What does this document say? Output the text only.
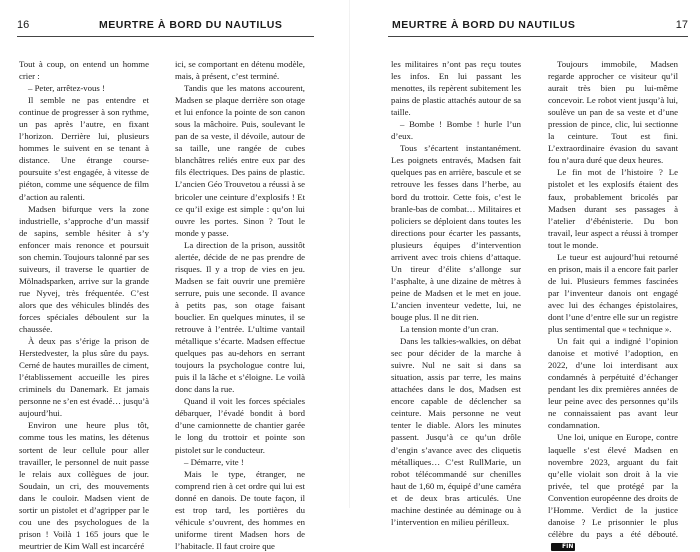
16	MEURTRE À BORD DU NAUTILUS

Tout à coup, on entend un homme crier :

– Peter, arrêtez-vous !

Il semble ne pas entendre et continue de progresser à son rythme, un pas après l’autre, en fixant l’horizon. Derrière lui, plusieurs hommes le suivent en se tenant à distance. Une étrange course-poursuite s’est engagée, à vitesse de piéton, comme une séquence de film d’action au ralenti.

Madsen bifurque vers la zone industrielle, s’approche d’un massif de sapins, semble hésiter à s’y enfoncer mais renonce et poursuit son chemin. Toujours talonné par ses suiveurs, il traverse le quartier de Mölnadsparken, arrive sur la grande rue Nyvej, très fréquentée. C’est alors que des véhicules blindés des forces spéciales déboulent sur la chaussée.

À deux pas s’érige la prison de Herstedvester, la plus sûre du pays. Cerné de hautes murailles de ciment, l’établissement accueille les pires criminels du Danemark. Et jamais personne ne s’en est évadé… jusqu’à aujourd’hui.

Environ une heure plus tôt, comme tous les matins, les détenus sortent de leur cellule pour aller travailler, le personnel de nuit passe le relais aux collègues de jour. Soudain, un cri, des mouvements dans le couloir. Madsen vient de sortir un pistolet et d’agripper par le cou une des psychologues de la prison ! Voilà 1 165 jours que le meurtrier de Kim Wall est incarcéré

ici, se comportant en détenu modèle, mais, à présent, c’est terminé.

Tandis que les matons accourent, Madsen se plaque derrière son otage et lui enfonce la pointe de son canon sous la mâchoire. Puis, soulevant le pan de sa veste, il dévoile, autour de sa taille, une rangée de cubes blanchâtres reliés entre eux par des fils électriques. Des pains de plastic. L’ancien Géo Trouvetou a réussi à se bricoler une ceinture d’explosifs ! Et ce qu’il exige est simple : qu’on lui ouvre les portes. Sinon ? Tout le monde y passe.

La direction de la prison, aussitôt alertée, décide de ne pas prendre de risques. Il y a trop de vies en jeu. Madsen se fait ouvrir une première serrure, puis une seconde. Il avance à petits pas, son otage faisant bouclier. En quelques minutes, il se retrouve à l’entrée. L’ultime vantail métallique s’écarte. Madsen effectue quelques pas au-dehors en serrant toujours la psychologue contre lui, puis il la lâche et s’éloigne. Le voilà donc dans la rue.

Quand il voit les forces spéciales débarquer, l’évadé bondit à bord d’une camionnette de chantier garée le long du trottoir et pointe son pistolet sur le conducteur.

– Démarre, vite !

Mais le type, étranger, ne comprend rien à cet ordre qui lui est donné en danois. De toute façon, il est trop tard, les portières du véhicule s’ouvrent, des hommes en uniforme tirent Madsen hors de l’habitacle. Il faut croire que

MEURTRE À BORD DU NAUTILUS	17

les militaires n’ont pas reçu toutes les infos. En lui passant les menottes, ils repèrent subitement les pains de plastic attachés autour de sa taille.

– Bombe ! Bombe ! hurle l’un d’eux.

Tous s’écartent instantanément. Les poignets entravés, Madsen fait quelques pas en arrière, bascule et se retrouve les fesses dans l’herbe, au bord du trottoir. Cette fois, c’est le branle-bas de combat… Militaires et policiers se déploient dans toutes les directions pour écarter les passants, plusieurs équipes d’intervention arrivent avec trois chiens d’attaque. Un tireur d’élite s’allonge sur l’asphalte, à une dizaine de mètres à peine de Madsen et le met en joue. L’ancien inventeur vedette, lui, ne bouge plus. Il ne dit rien.

La tension monte d’un cran.

Dans les talkies-walkies, on débat sec pour décider de la marche à suivre. Nul ne sait si dans sa situation, assis par terre, les mains attachées dans le dos, Madsen est encore capable de déclencher sa ceinture. Mais personne ne veut tenter le diable. Alors les minutes passent. Jusqu’à ce qu’un drôle d’engin s’avance avec des cliquetis métalliques… C’est RullMarie, un robot télécommandé sur chenilles haut de 1,60 m, équipé d’une caméra et de deux bras articulés. Une machine destinée au déminage ou à l’intervention en milieu périlleux.

Toujours immobile, Madsen regarde approcher ce visiteur qu’il aurait très bien pu lui-même concevoir. Le robot vient jusqu’à lui, soulève un pan de sa veste et d’une pression de pince, clic, lui sectionne la ceinture. Tout est fini. L’extraordinaire évasion du savant fou n’aura duré que deux heures.

Le fin mot de l’histoire ? Le pistolet et les explosifs étaient des faux, probablement bricolés par Madsen durant ses passages à l’atelier d’ébénisterie. Du bon travail, leur aspect a réussi à tromper tout le monde.

Le tueur est aujourd’hui retourné en prison, mais il a encore fait parler de lui. Plusieurs femmes fascinées par l’inventeur danois ont engagé avec lui des échanges épistolaires, dont l’une d’entre elle sur un registre plus sentimental que « technique ».

Un fait qui a indigné l’opinion danoise et motivé l’adoption, en 2022, d’une loi interdisant aux condamnés à perpétuité d’échanger pendant les dix premières années de leur peine avec des personnes qu’ils ne connaissaient pas avant leur condamnation.

Une loi, unique en Europe, contre laquelle s’est élevé Madsen en novembre 2023, arguant du fait qu’elle violait son droit à la vie privée, tel que protégé par la Convention européenne des droits de l’Homme. Verdict de la justice danoise ? Le prisonnier le plus célèbre du pays a été débouté.FIN
